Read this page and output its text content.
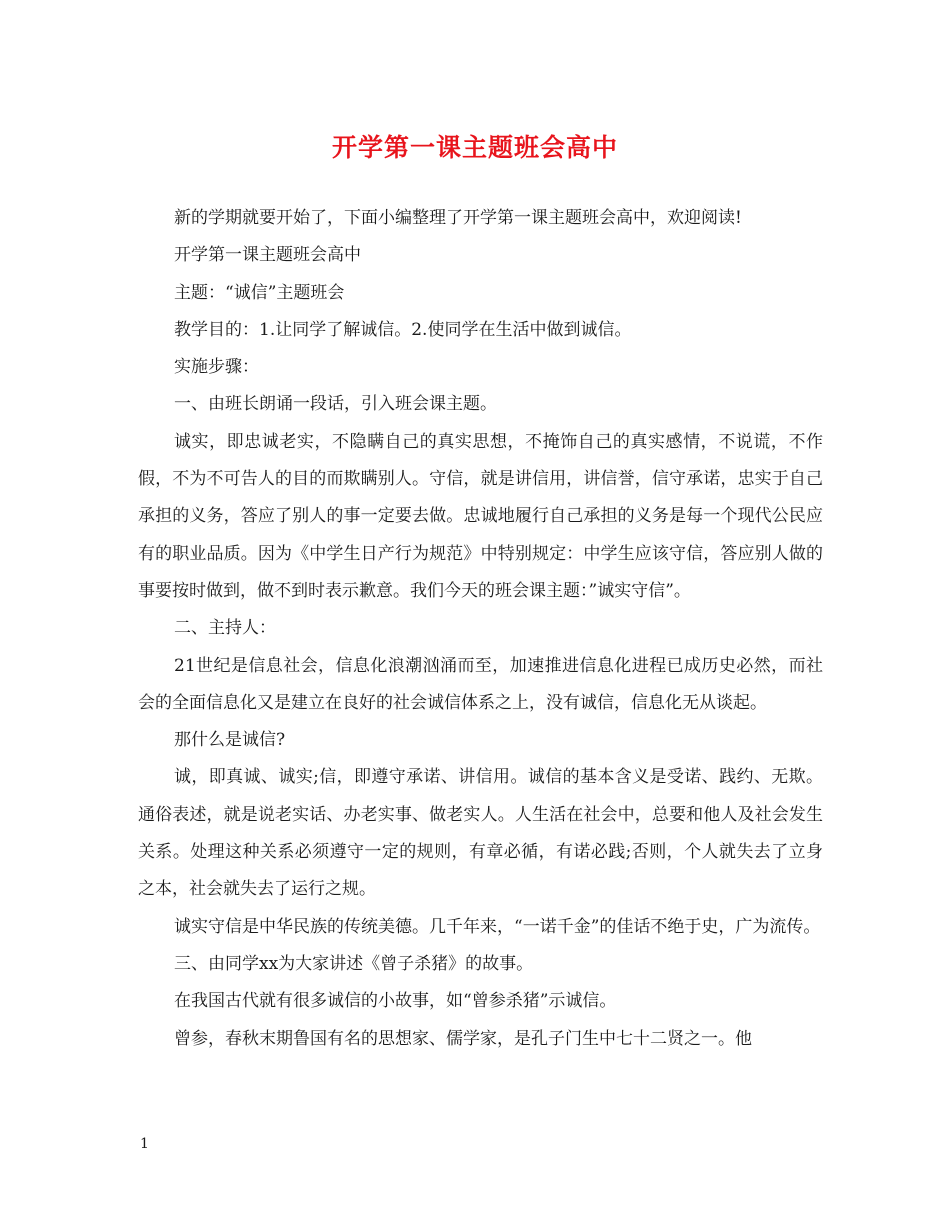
开学第一课主题班会高中

新的学期就要开始了，下面小编整理了开学第一课主题班会高中，欢迎阅读!

开学第一课主题班会高中

主题：“诚信”主题班会

教学目的：1.让同学了解诚信。2.使同学在生活中做到诚信。

实施步骤：

一、由班长朗诵一段话，引入班会课主题。

诚实，即忠诚老实，不隐瞒自己的真实思想，不掩饰自己的真实感情，不说谎，不作假，不为不可告人的目的而欺瞒别人。守信，就是讲信用，讲信誉，信守承诺，忠实于自己承担的义务，答应了别人的事一定要去做。忠诚地履行自己承担的义务是每一个现代公民应有的职业品质。因为《中学生日产行为规范》中特别规定：中学生应该守信，答应别人做的事要按时做到，做不到时表示歉意。我们今天的班会课主题：”诚实守信”。

二、主持人：

21世纪是信息社会，信息化浪潮汹涌而至，加速推进信息化进程已成历史必然，而社会的全面信息化又是建立在良好的社会诚信体系之上，没有诚信，信息化无从谈起。

那什么是诚信?

诚，即真诚、诚实;信，即遵守承诺、讲信用。诚信的基本含义是受诺、践约、无欺。通俗表述，就是说老实话、办老实事、做老实人。人生活在社会中，总要和他人及社会发生 关系。处理这种关系必须遵守一定的规则，有章必循，有诺必践;否则，个人就失去了立身之本，社会就失去了运行之规。

诚实守信是中华民族的传统美德。几千年来，“一诺千金”的佳话不绝于史，广为流传。

三、由同学xx为大家讲述《曾子杀猪》的故事。

在我国古代就有很多诚信的小故事，如“曾参杀猪”示诚信。

曾参，春秋末期鲁国有名的思想家、儒学家，是孔子门生中七十二贤之一。他

1
